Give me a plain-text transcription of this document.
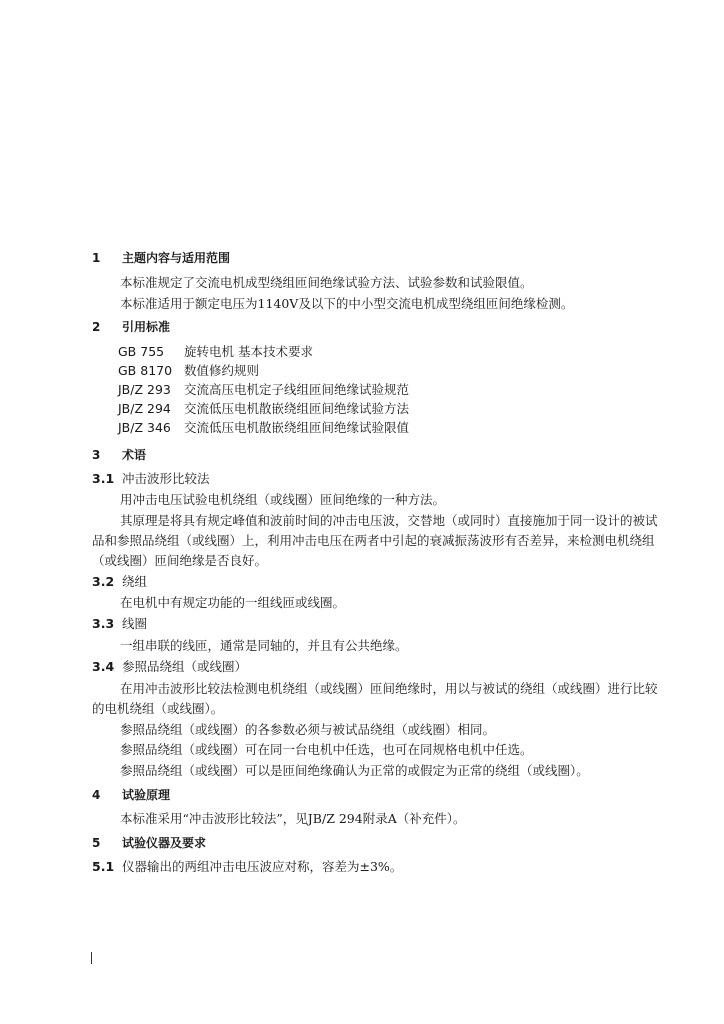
1 主题内容与适用范围
本标准规定了交流电机成型绕组匝间绝缘试验方法、试验参数和试验限值。
本标准适用于额定电压为1140V及以下的中小型交流电机成型绕组匝间绝缘检测。
2 引用标准
GB 755 旋转电机 基本技术要求
GB 8170 数值修约规则
JB/Z 293 交流高压电机定子线组匝间绝缘试验规范
JB/Z 294 交流低压电机散嵌绕组匝间绝缘试验方法
JB/Z 346 交流低压电机散嵌绕组匝间绝缘试验限值
3 术语
3.1 冲击波形比较法
用冲击电压试验电机绕组（或线圈）匝间绝缘的一种方法。
其原理是将具有规定峰值和波前时间的冲击电压波，交替地（或同时）直接施加于同一设计的被试
品和参照品绕组（或线圈）上，利用冲击电压在两者中引起的衰减振荡波形有否差异，来检测电机绕组
（或线圈）匝间绝缘是否良好。
3.2 绕组
在电机中有规定功能的一组线匝或线圈。
3.3 线圈
一组串联的线匝，通常是同轴的，并且有公共绝缘。
3.4 参照品绕组（或线圈）
在用冲击波形比较法检测电机绕组（或线圈）匝间绝缘时，用以与被试的绕组（或线圈）进行比较
的电机绕组（或线圈）。
参照品绕组（或线圈）的各参数必须与被试品绕组（或线圈）相同。
参照品绕组（或线圈）可在同一台电机中任选，也可在同规格电机中任选。
参照品绕组（或线圈）可以是匝间绝缘确认为正常的或假定为正常的绕组（或线圈）。
4 试验原理
本标准采用“冲击波形比较法”，见JB/Z 294附录A（补充件）。
5 试验仪器及要求
5.1 仪器输出的两组冲击电压波应对称，容差为±3%。
